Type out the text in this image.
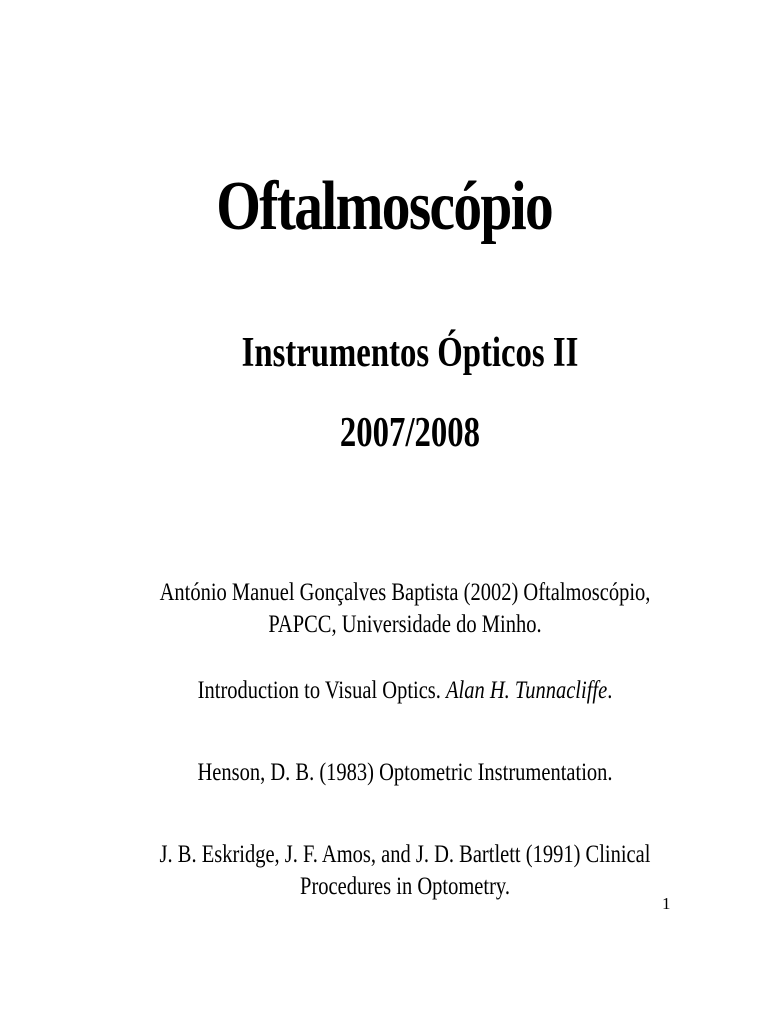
Oftalmoscópio

Instrumentos Ópticos II

2007/2008

António Manuel Gonçalves Baptista (2002) Oftalmoscópio,
PAPCC, Universidade do Minho.

Introduction to Visual Optics. Alan H. Tunnacliffe.

Henson, D. B. (1983) Optometric Instrumentation.

J. B. Eskridge, J. F. Amos, and J. D. Bartlett (1991) Clinical
Procedures in Optometry.

1
